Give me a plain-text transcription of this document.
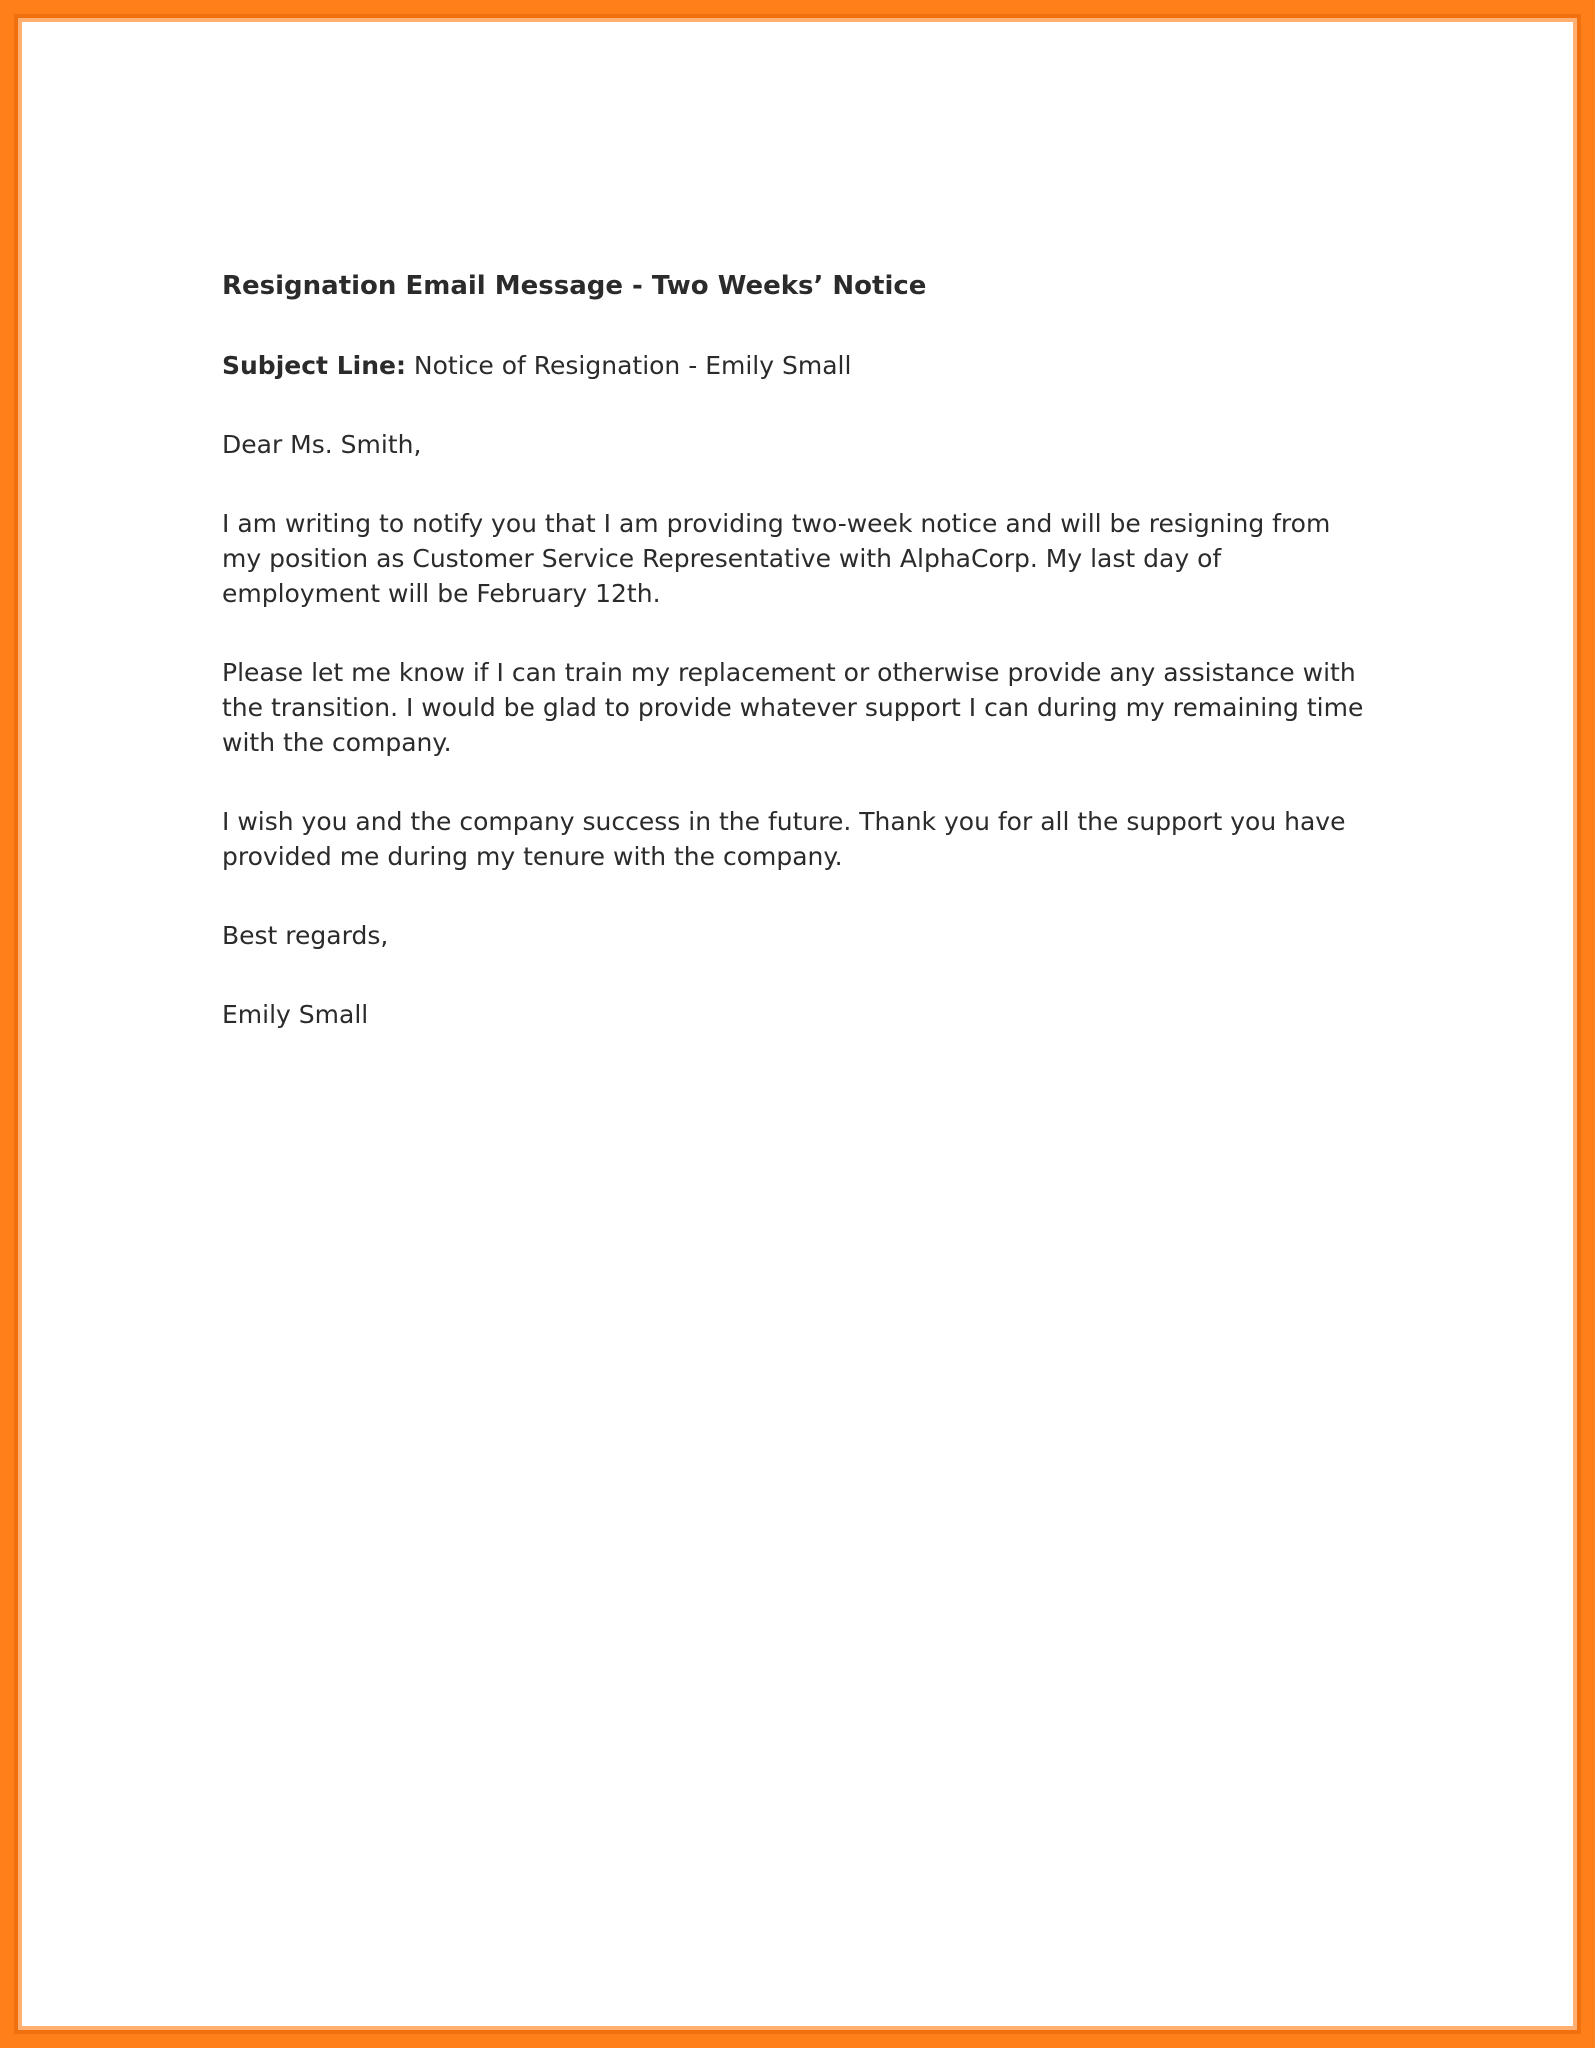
Resignation Email Message - Two Weeks’ Notice
Subject Line: Notice of Resignation - Emily Small
Dear Ms. Smith,
I am writing to notify you that I am providing two-week notice and will be resigning from
my position as Customer Service Representative with AlphaCorp. My last day of
employment will be February 12th.
Please let me know if I can train my replacement or otherwise provide any assistance with
the transition. I would be glad to provide whatever support I can during my remaining time
with the company.
I wish you and the company success in the future. Thank you for all the support you have
provided me during my tenure with the company.
Best regards,
Emily Small
